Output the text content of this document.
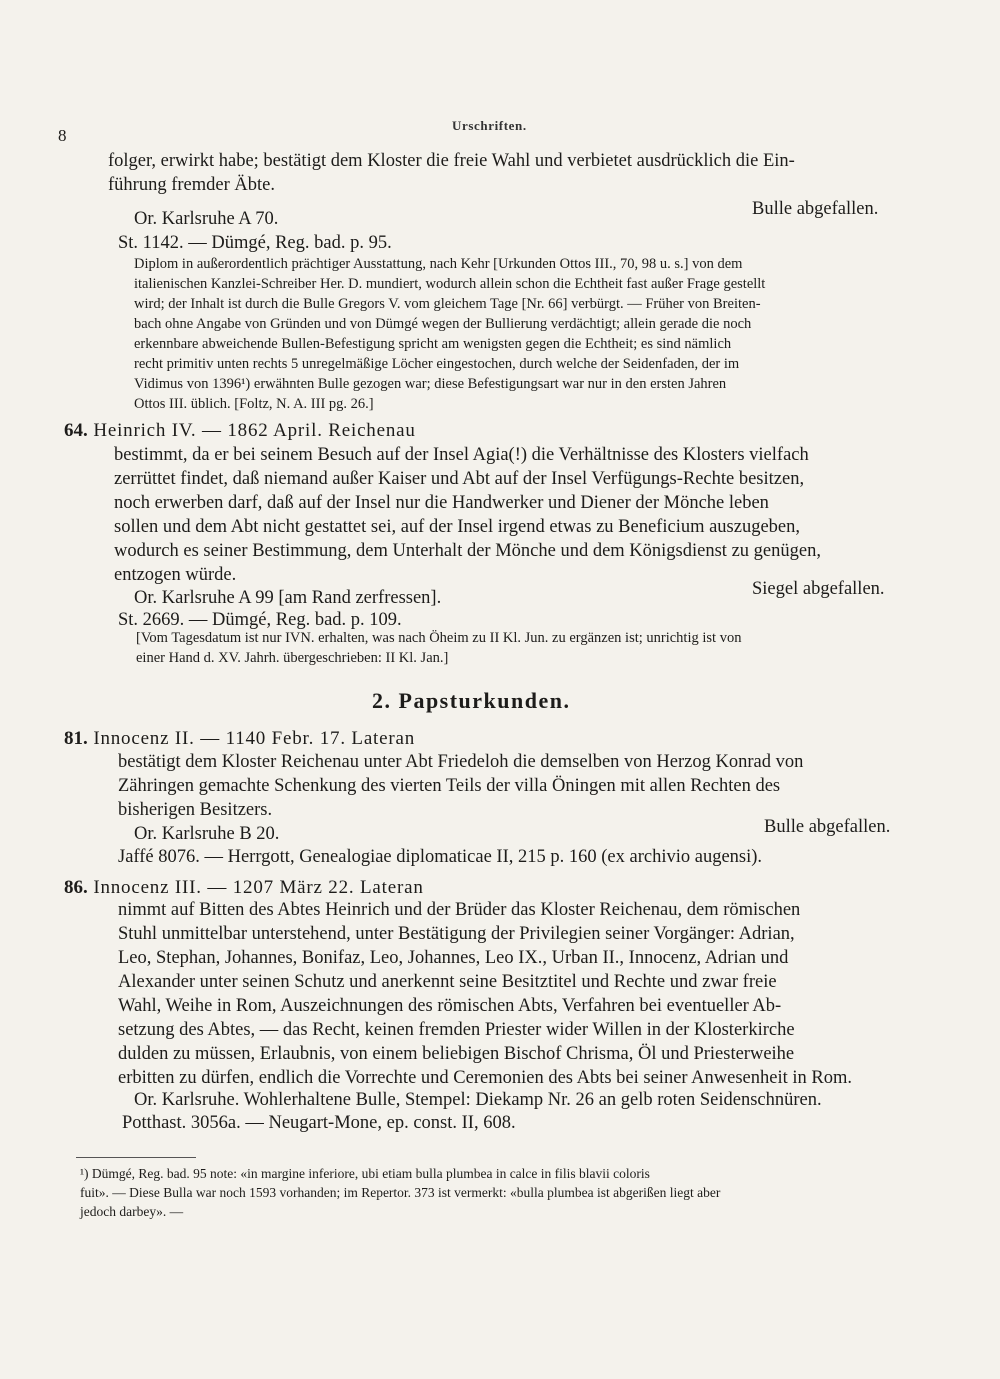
8
Urschriften.
folger, erwirkt habe; bestätigt dem Kloster die freie Wahl und verbietet ausdrücklich die Ein-
führung fremder Äbte.
Or. Karlsruhe A 70.	Bulle abgefallen.
St. 1142. — Dümgé, Reg. bad. p. 95.
Diplom in außerordentlich prächtiger Ausstattung, nach Kehr [Urkunden Ottos III., 70, 98 u. s.] von dem
italienischen Kanzlei-Schreiber Her. D. mundiert, wodurch allein schon die Echtheit fast außer Frage gestellt
wird; der Inhalt ist durch die Bulle Gregors V. vom gleichem Tage [Nr. 66] verbürgt. — Früher von Breiten-
bach ohne Angabe von Gründen und von Dümgé wegen der Bullierung verdächtigt; allein gerade die noch
erkennbare abweichende Bullen-Befestigung spricht am wenigsten gegen die Echtheit; es sind nämlich
recht primitiv unten rechts 5 unregelmäßige Löcher eingestochen, durch welche der Seidenfaden, der im
Vidimus von 1396¹) erwähnten Bulle gezogen war; diese Befestigungsart war nur in den ersten Jahren
Ottos III. üblich. [Foltz, N. A. III pg. 26.]
64. Heinrich IV. — 1862 April. Reichenau
bestimmt, da er bei seinem Besuch auf der Insel Agia(!) die Verhältnisse des Klosters vielfach
zerrüttet findet, daß niemand außer Kaiser und Abt auf der Insel Verfügungs-Rechte besitzen,
noch erwerben darf, daß auf der Insel nur die Handwerker und Diener der Mönche leben
sollen und dem Abt nicht gestattet sei, auf der Insel irgend etwas zu Beneficium auszugeben,
wodurch es seiner Bestimmung, dem Unterhalt der Mönche und dem Königsdienst zu genügen,
entzogen würde.
Or. Karlsruhe A 99 [am Rand zerfressen].	Siegel abgefallen.
St. 2669. — Dümgé, Reg. bad. p. 109.
[Vom Tagesdatum ist nur IVN. erhalten, was nach Öheim zu II Kl. Jun. zu ergänzen ist; unrichtig ist von
einer Hand d. XV. Jahrh. übergeschrieben: II Kl. Jan.]
2. Papsturkunden.
81. Innocenz II. — 1140 Febr. 17. Lateran
bestätigt dem Kloster Reichenau unter Abt Friedeloh die demselben von Herzog Konrad von
Zähringen gemachte Schenkung des vierten Teils der villa Öningen mit allen Rechten des
bisherigen Besitzers.
Or. Karlsruhe B 20.	Bulle abgefallen.
Jaffé 8076. — Herrgott, Genealogiae diplomaticae II, 215 p. 160 (ex archivio augensi).
86. Innocenz III. — 1207 März 22. Lateran
nimmt auf Bitten des Abtes Heinrich und der Brüder das Kloster Reichenau, dem römischen
Stuhl unmittelbar unterstehend, unter Bestätigung der Privilegien seiner Vorgänger: Adrian,
Leo, Stephan, Johannes, Bonifaz, Leo, Johannes, Leo IX., Urban II., Innocenz, Adrian und
Alexander unter seinen Schutz und anerkennt seine Besitztitel und Rechte und zwar freie
Wahl, Weihe in Rom, Auszeichnungen des römischen Abts, Verfahren bei eventueller Ab-
setzung des Abtes, — das Recht, keinen fremden Priester wider Willen in der Klosterkirche
dulden zu müssen, Erlaubnis, von einem beliebigen Bischof Chrisma, Öl und Priesterweihe
erbitten zu dürfen, endlich die Vorrechte und Ceremonien des Abts bei seiner Anwesenheit in Rom.
Or. Karlsruhe. Wohlerhaltene Bulle, Stempel: Diekamp Nr. 26 an gelb roten Seidenschnüren.
Potthast. 3056a. — Neugart-Mone, ep. const. II, 608.
¹) Dümgé, Reg. bad. 95 note: «in margine inferiore, ubi etiam bulla plumbea in calce in filis blavii coloris
fuit». — Diese Bulla war noch 1593 vorhanden; im Repertor. 373 ist vermerkt: «bulla plumbea ist abgerißen liegt aber
jedoch darbey». —
